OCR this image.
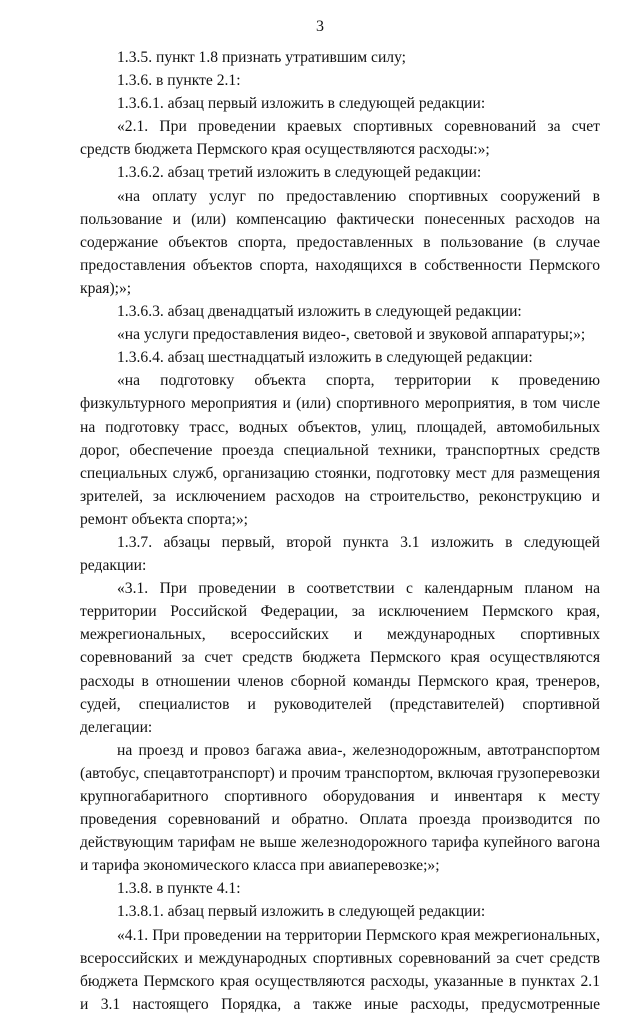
3

1.3.5. пункт 1.8 признать утратившим силу;

1.3.6. в пункте 2.1:

1.3.6.1. абзац первый изложить в следующей редакции:

«2.1. При проведении краевых спортивных соревнований за счет средств бюджета Пермского края осуществляются расходы:»;

1.3.6.2. абзац третий изложить в следующей редакции:

«на оплату услуг по предоставлению спортивных сооружений в пользование и (или) компенсацию фактически понесенных расходов на содержание объектов спорта, предоставленных в пользование (в случае предоставления объектов спорта, находящихся в собственности Пермского края);»;

1.3.6.3. абзац двенадцатый изложить в следующей редакции:

«на услуги предоставления видео-, световой и звуковой аппаратуры;»;

1.3.6.4. абзац шестнадцатый изложить в следующей редакции:

«на подготовку объекта спорта, территории к проведению физкультурного мероприятия и (или) спортивного мероприятия, в том числе на подготовку трасс, водных объектов, улиц, площадей, автомобильных дорог, обеспечение проезда специальной техники, транспортных средств специальных служб, организацию стоянки, подготовку мест для размещения зрителей, за исключением расходов на строительство, реконструкцию и ремонт объекта спорта;»;

1.3.7. абзацы первый, второй пункта 3.1 изложить в следующей редакции:

«3.1. При проведении в соответствии с календарным планом на территории Российской Федерации, за исключением Пермского края, межрегиональных, всероссийских и международных спортивных соревнований за счет средств бюджета Пермского края осуществляются расходы в отношении членов сборной команды Пермского края, тренеров, судей, специалистов и руководителей (представителей) спортивной делегации:

на проезд и провоз багажа авиа-, железнодорожным, автотранспортом (автобус, спецавтотранспорт) и прочим транспортом, включая грузоперевозки крупногабаритного спортивного оборудования и инвентаря к месту проведения соревнований и обратно. Оплата проезда производится по действующим тарифам не выше железнодорожного тарифа купейного вагона и тарифа экономического класса при авиаперевозке;»;

1.3.8. в пункте 4.1:

1.3.8.1. абзац первый изложить в следующей редакции:

«4.1. При проведении на территории Пермского края межрегиональных, всероссийских и международных спортивных соревнований за счет средств бюджета Пермского края осуществляются расходы, указанные в пунктах 2.1 и 3.1 настоящего Порядка, а также иные расходы, предусмотренные
